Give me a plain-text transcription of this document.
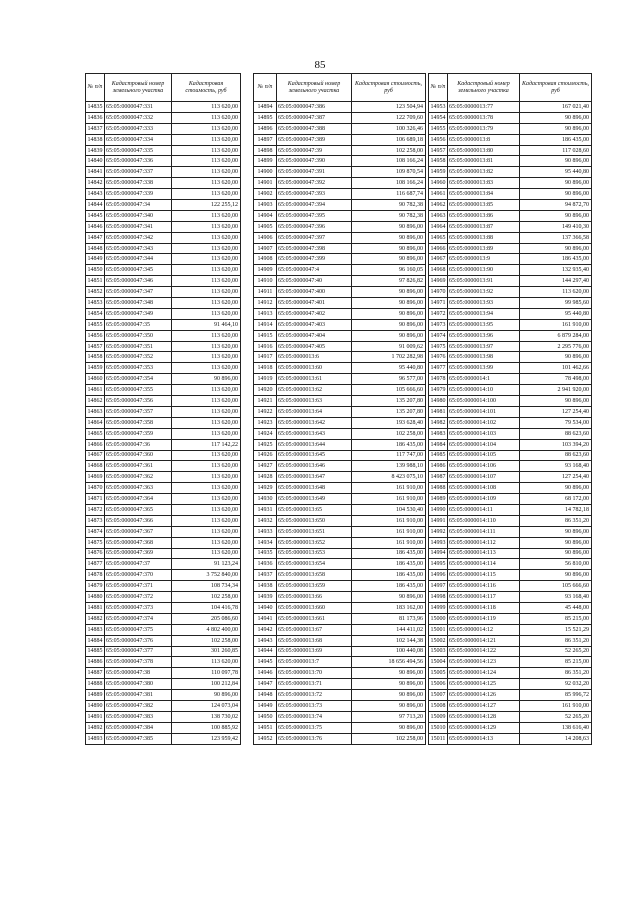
85
№ п/п	Кадастровый номер земельного участка	Кадастровая стоимость, руб
14835	65:05:0000047:331	113 620,00
14836	65:05:0000047:332	113 620,00
14837	65:05:0000047:333	113 620,00
14838	65:05:0000047:334	113 620,00
14839	65:05:0000047:335	113 620,00
14840	65:05:0000047:336	113 620,00
14841	65:05:0000047:337	113 620,00
14842	65:05:0000047:338	113 620,00
14843	65:05:0000047:339	113 620,00
14844	65:05:0000047:34	122 255,12
14845	65:05:0000047:340	113 620,00
14846	65:05:0000047:341	113 620,00
14847	65:05:0000047:342	113 620,00
14848	65:05:0000047:343	113 620,00
14849	65:05:0000047:344	113 620,00
14850	65:05:0000047:345	113 620,00
14851	65:05:0000047:346	113 620,00
14852	65:05:0000047:347	113 620,00
14853	65:05:0000047:348	113 620,00
14854	65:05:0000047:349	113 620,00
14855	65:05:0000047:35	91 464,10
14856	65:05:0000047:350	113 620,00
14857	65:05:0000047:351	113 620,00
14858	65:05:0000047:352	113 620,00
14859	65:05:0000047:353	113 620,00
14860	65:05:0000047:354	90 896,00
14861	65:05:0000047:355	113 620,00
14862	65:05:0000047:356	113 620,00
14863	65:05:0000047:357	113 620,00
14864	65:05:0000047:358	113 620,00
14865	65:05:0000047:359	113 620,00
14866	65:05:0000047:36	117 142,22
14867	65:05:0000047:360	113 620,00
14868	65:05:0000047:361	113 620,00
14869	65:05:0000047:362	113 620,00
14870	65:05:0000047:363	113 620,00
14871	65:05:0000047:364	113 620,00
14872	65:05:0000047:365	113 620,00
14873	65:05:0000047:366	113 620,00
14874	65:05:0000047:367	113 620,00
14875	65:05:0000047:368	113 620,00
14876	65:05:0000047:369	113 620,00
14877	65:05:0000047:37	91 123,24
14878	65:05:0000047:370	3 752 840,00
14879	65:05:0000047:371	108 734,34
14880	65:05:0000047:372	102 258,00
14881	65:05:0000047:373	104 416,78
14882	65:05:0000047:374	205 086,60
14883	65:05:0000047:375	4 802 400,00
14884	65:05:0000047:376	102 258,00
14885	65:05:0000047:377	301 260,85
14886	65:05:0000047:378	113 620,00
14887	65:05:0000047:38	110 097,78
14888	65:05:0000047:380	100 212,84
14889	65:05:0000047:381	90 896,00
14890	65:05:0000047:382	124 073,04
14891	65:05:0000047:383	138 730,02
14892	65:05:0000047:384	100 885,92
14893	65:05:0000047:385	123 959,42
№ п/п	Кадастровый номер земельного участка	Кадастровая стоимость, руб
14894	65:05:0000047:386	123 504,94
14895	65:05:0000047:387	122 709,60
14896	65:05:0000047:388	100 326,46
14897	65:05:0000047:389	106 689,18
14898	65:05:0000047:39	102 258,00
14899	65:05:0000047:390	108 166,24
14900	65:05:0000047:391	109 870,54
14901	65:05:0000047:392	108 166,24
14902	65:05:0000047:393	116 687,74
14903	65:05:0000047:394	90 782,38
14904	65:05:0000047:395	90 782,38
14905	65:05:0000047:396	90 896,00
14906	65:05:0000047:397	90 896,00
14907	65:05:0000047:398	90 896,00
14908	65:05:0000047:399	90 896,00
14909	65:05:0000047:4	96 160,05
14910	65:05:0000047:40	97 826,82
14911	65:05:0000047:400	90 896,00
14912	65:05:0000047:401	90 896,00
14913	65:05:0000047:402	90 896,00
14914	65:05:0000047:403	90 896,00
14915	65:05:0000047:404	90 896,00
14916	65:05:0000047:405	91 009,62
14917	65:05:0000013:6	1 702 282,98
14918	65:05:0000013:60	95 440,80
14919	65:05:0000013:61	96 577,00
14920	65:05:0000013:62	105 666,60
14921	65:05:0000013:63	135 207,80
14922	65:05:0000013:64	135 207,80
14923	65:05:0000013:642	193 628,40
14924	65:05:0000013:643	102 258,00
14925	65:05:0000013:644	186 435,00
14926	65:05:0000013:645	117 747,00
14927	65:05:0000013:646	139 988,10
14928	65:05:0000013:647	8 423 075,10
14929	65:05:0000013:648	161 910,00
14930	65:05:0000013:649	161 910,00
14931	65:05:0000013:65	104 530,40
14932	65:05:0000013:650	161 910,00
14933	65:05:0000013:651	161 910,00
14934	65:05:0000013:652	161 910,00
14935	65:05:0000013:653	186 435,00
14936	65:05:0000013:654	186 435,00
14937	65:05:0000013:658	186 435,00
14938	65:05:0000013:659	186 435,00
14939	65:05:0000013:66	90 896,00
14940	65:05:0000013:660	183 162,00
14941	65:05:0000013:661	81 173,96
14942	65:05:0000013:67	144 411,02
14943	65:05:0000013:68	102 144,38
14944	65:05:0000013:69	100 440,08
14945	65:05:0000013:7	18 656 494,56
14946	65:05:0000013:70	90 896,00
14947	65:05:0000013:71	90 896,00
14948	65:05:0000013:72	90 896,00
14949	65:05:0000013:73	90 896,00
14950	65:05:0000013:74	97 713,20
14951	65:05:0000013:75	90 896,00
14952	65:05:0000013:76	102 258,00
№ п/п	Кадастровый номер земельного участка	Кадастровая стоимость, руб
14953	65:05:0000013:77	167 021,40
14954	65:05:0000013:78	90 896,00
14955	65:05:0000013:79	90 896,00
14956	65:05:0000013:8	186 435,00
14957	65:05:0000013:80	117 028,60
14958	65:05:0000013:81	90 896,00
14959	65:05:0000013:82	95 440,80
14960	65:05:0000013:83	90 896,00
14961	65:05:0000013:84	90 896,00
14962	65:05:0000013:85	94 872,70
14963	65:05:0000013:86	90 896,00
14964	65:05:0000013:87	149 410,30
14965	65:05:0000013:88	137 366,58
14966	65:05:0000013:89	90 896,00
14967	65:05:0000013:9	186 435,00
14968	65:05:0000013:90	132 935,40
14969	65:05:0000013:91	144 297,40
14970	65:05:0000013:92	113 620,00
14971	65:05:0000013:93	99 985,60
14972	65:05:0000013:94	95 440,80
14973	65:05:0000013:95	161 910,00
14974	65:05:0000013:96	6 879 284,00
14975	65:05:0000013:97	2 295 776,00
14976	65:05:0000013:98	90 896,00
14977	65:05:0000013:99	101 462,66
14978	65:05:0000014:1	78 498,00
14979	65:05:0000014:10	2 941 920,00
14980	65:05:0000014:100	90 896,00
14981	65:05:0000014:101	127 254,40
14982	65:05:0000014:102	79 534,00
14983	65:05:0000014:103	88 623,60
14984	65:05:0000014:104	103 394,20
14985	65:05:0000014:105	88 623,60
14986	65:05:0000014:106	93 168,40
14987	65:05:0000014:107	127 254,40
14988	65:05:0000014:108	90 896,00
14989	65:05:0000014:109	68 172,00
14990	65:05:0000014:11	14 782,18
14991	65:05:0000014:110	86 351,20
14992	65:05:0000014:111	90 896,00
14993	65:05:0000014:112	90 896,00
14994	65:05:0000014:113	90 896,00
14995	65:05:0000014:114	56 810,00
14996	65:05:0000014:115	90 896,00
14997	65:05:0000014:116	105 666,60
14998	65:05:0000014:117	93 168,40
14999	65:05:0000014:118	45 448,00
15000	65:05:0000014:119	85 215,00
15001	65:05:0000014:12	15 521,29
15002	65:05:0000014:121	86 351,20
15003	65:05:0000014:122	52 265,20
15004	65:05:0000014:123	85 215,00
15005	65:05:0000014:124	86 351,20
15006	65:05:0000014:125	92 032,20
15007	65:05:0000014:126	85 996,72
15008	65:05:0000014:127	161 910,00
15009	65:05:0000014:128	52 265,20
15010	65:05:0000014:129	138 616,40
15011	65:05:0000014:13	14 208,63
